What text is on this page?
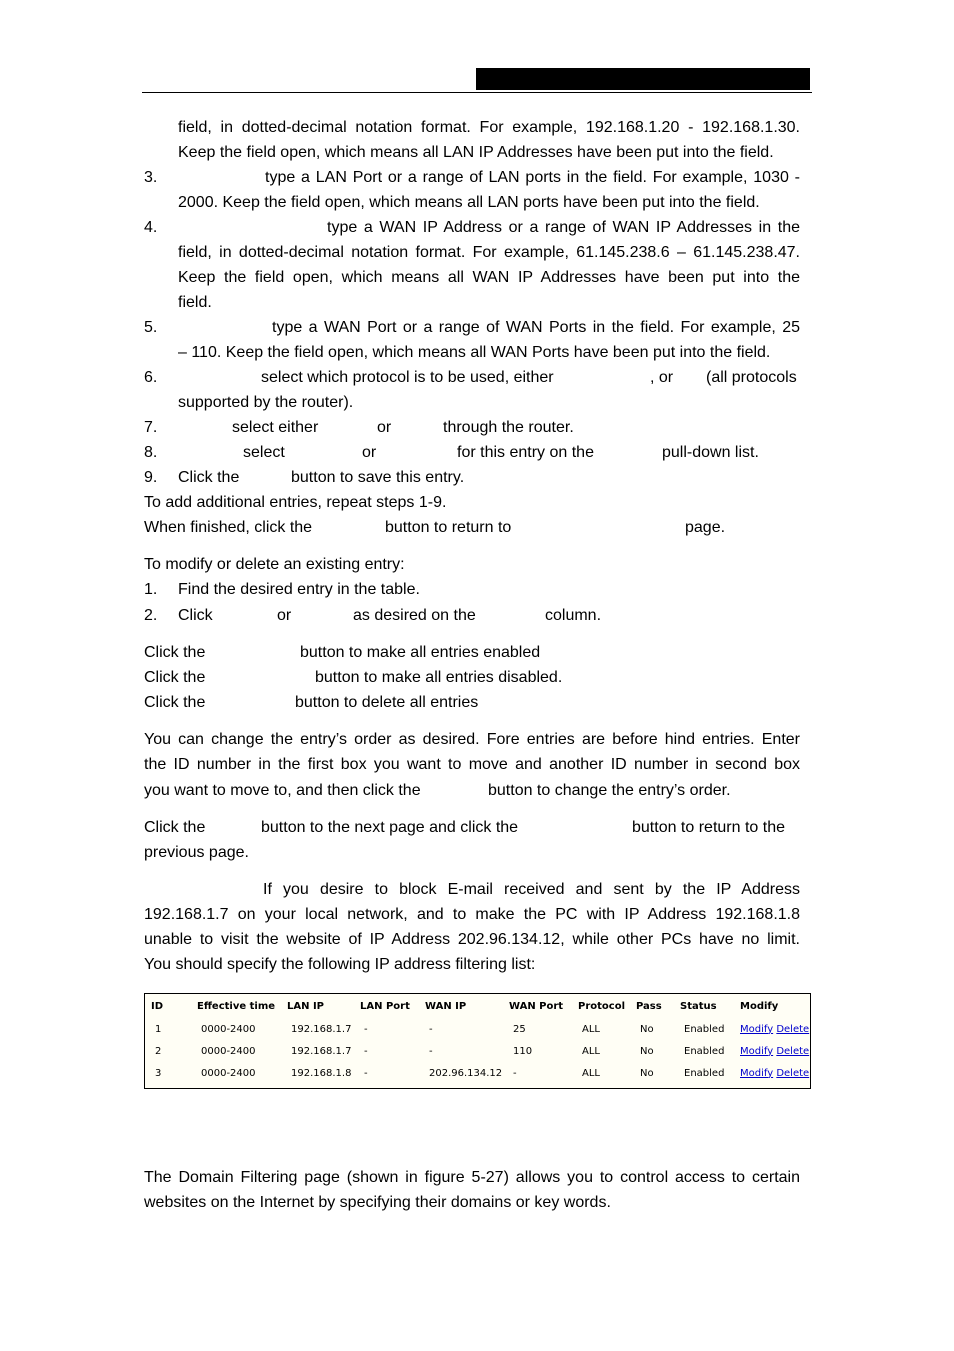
field, in dotted-decimal notation format. For example, 192.168.1.20 - 192.168.1.30.
Keep the field open, which means all LAN IP Addresses have been put into the field.
3.	type a LAN Port or a range of LAN ports in the field. For example, 1030 -
2000. Keep the field open, which means all LAN ports have been put into the field.
4.	type a WAN IP Address or a range of WAN IP Addresses in the
field, in dotted-decimal notation format. For example, 61.145.238.6 – 61.145.238.47.
Keep the field open, which means all WAN IP Addresses have been put into the
field.
5.	type a WAN Port or a range of WAN Ports in the field. For example, 25
– 110. Keep the field open, which means all WAN Ports have been put into the field.
6.	select which protocol is to be used, either	, or (all protocols
supported by the router).
7.	select either	or	through the router.
8.	select	or	for this entry on the	pull-down list.
9. Click the	button to save this entry.
To add additional entries, repeat steps 1-9.
When finished, click the	button to return to	page.
To modify or delete an existing entry:
1. Find the desired entry in the table.
2. Click	or	as desired on the	column.
Click the	button to make all entries enabled
Click the	button to make all entries disabled.
Click the	button to delete all entries
You can change the entry’s order as desired. Fore entries are before hind entries. Enter
the ID number in the first box you want to move and another ID number in second box
you want to move to, and then click the	button to change the entry’s order.
Click the	button to the next page and click the	button to return to the
previous page.
If you desire to block E-mail received and sent by the IP Address
192.168.1.7 on your local network, and to make the PC with IP Address 192.168.1.8
unable to visit the website of IP Address 202.96.134.12, while other PCs have no limit.
You should specify the following IP address filtering list:
ID	Effective time	LAN IP	LAN Port	WAN IP	WAN Port	Protocol	Pass	Status	Modify
1	0000-2400	192.168.1.7	-	-	25	ALL	No	Enabled	Modify Delete
2	0000-2400	192.168.1.7	-	-	110	ALL	No	Enabled	Modify Delete
3	0000-2400	192.168.1.8	-	202.96.134.12	-	ALL	No	Enabled	Modify Delete
The Domain Filtering page (shown in figure 5-27) allows you to control access to certain
websites on the Internet by specifying their domains or key words.
